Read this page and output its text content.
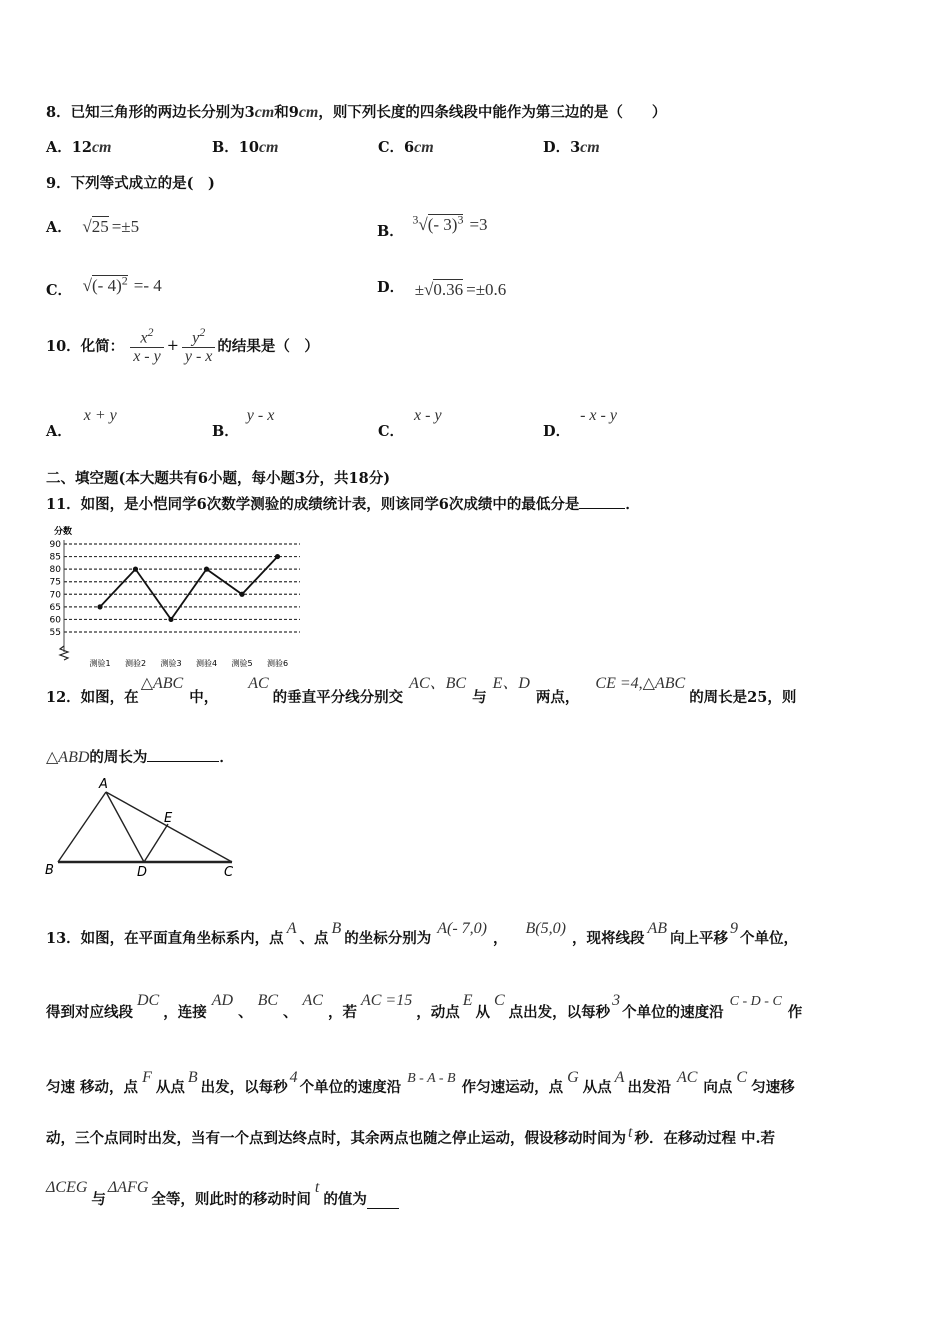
8．已知三角形的两边长分别为3cm和9cm，则下列长度的四条线段中能作为第三边的是（　　）
A．12cm	B．10cm	C．6cm	D．3cm
9．下列等式成立的是(　)
A． √25 =±5	B． $^3$√(- 3)$^3$ =3
C． √(- 4)$^2$ =- 4	D． ±√0.36 =±0.6
10．化简： $\frac{x^2}{x - y} + \frac{y^2}{y - x}$ 的结果是（　）
A．x + y
B．y - x
C．x - y
D．- x - y
二、填空题(本大题共有6小题，每小题3分，共18分)
11．如图，是小恺同学6次数学测验的成绩统计表，则该同学6次成绩中的最低分是	．
分数
90
85
80
75
70
65
60
55
测验1 测验2 测验3 测验4 测验5 测验6
12．如图，在
△ABC
中，
AC
的垂直平分线分别交
AC、BC
与
E、D
两点，
CE =4,△ABC
的周长是25，则
△ABD的周长为	．
A
E
B	D	C
13．如图，在平面直角坐标系内，点
A
、点
B
的坐标分别为
A(- 7,0)
，
B(5,0)
，现将线段
AB
向上平移
9
个单位，
得到对应线段
DC
，连接
AD
、
BC
、
AC
，若
AC =15
，动点
E
从
C
点出发，以每秒
3
个单位的速度沿
C - D - C
作
匀速 移动，点
F
从点
B
出发，以每秒
4
个单位的速度沿
B - A - B
作匀速运动，点
G
从点
A
出发沿
AC
向点
C
匀速移
动，三个点同时出发，当有一个点到达终点时，其余两点也随之停止运动，假设移动时间为 t 秒．在移动过程 中.若
ΔCEG
与
ΔAFG
全等，则此时的移动时间
t
的值为
